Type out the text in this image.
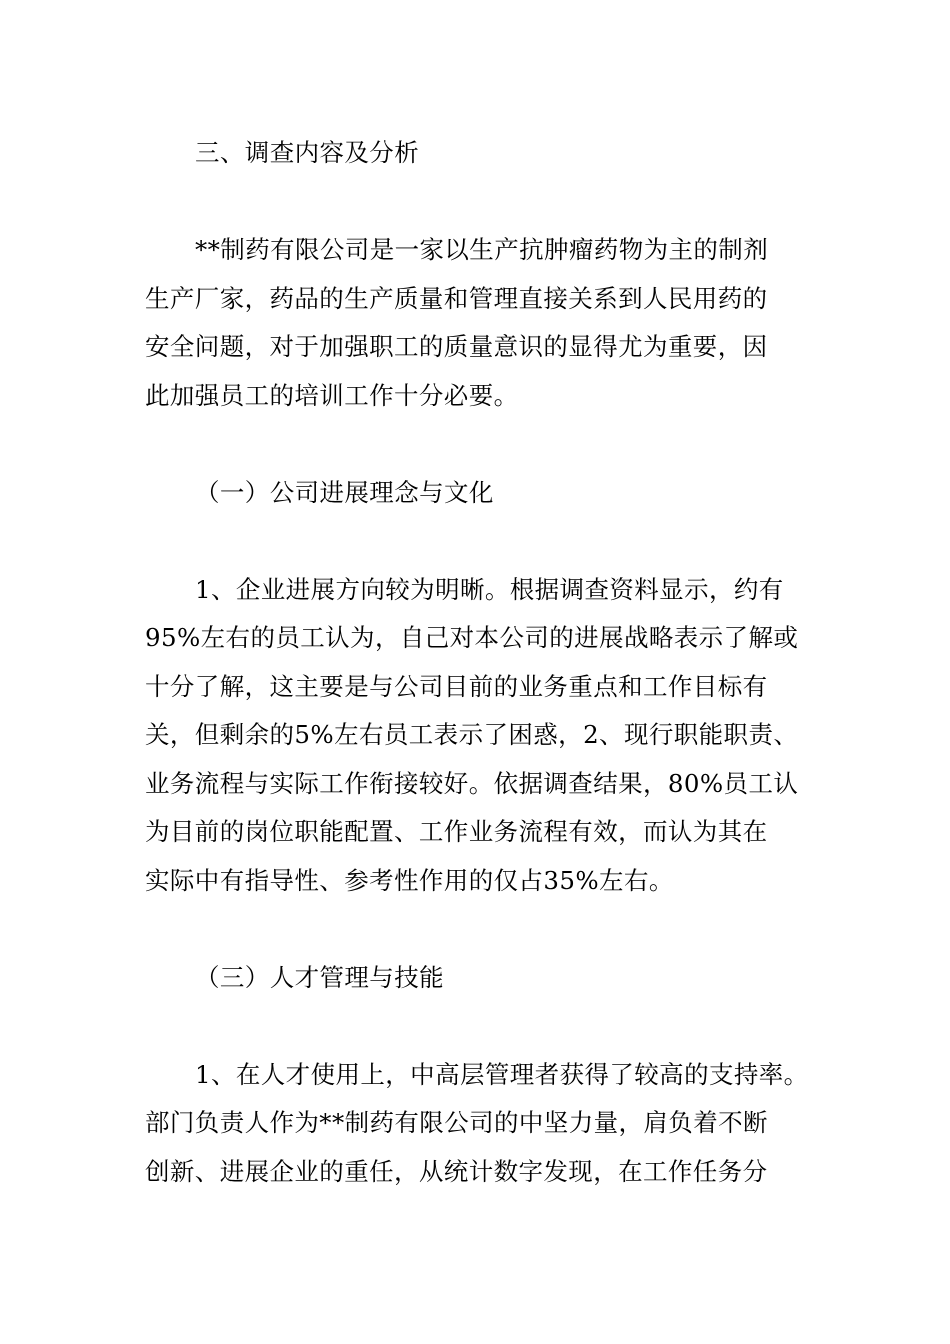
三、调查内容及分析

**制药有限公司是一家以生产抗肿瘤药物为主的制剂
生产厂家，药品的生产质量和管理直接关系到人民用药的
安全问题，对于加强职工的质量意识的显得尤为重要，因
此加强员工的培训工作十分必要。

（一）公司进展理念与文化

1、企业进展方向较为明晰。根据调查资料显示，约有
95%左右的员工认为，自己对本公司的进展战略表示了解或
十分了解，这主要是与公司目前的业务重点和工作目标有
关，但剩余的5%左右员工表示了困惑，2、现行职能职责、
业务流程与实际工作衔接较好。依据调查结果，80%员工认
为目前的岗位职能配置、工作业务流程有效，而认为其在
实际中有指导性、参考性作用的仅占35%左右。

（三）人才管理与技能

1、在人才使用上，中高层管理者获得了较高的支持率。
部门负责人作为**制药有限公司的中坚力量，肩负着不断
创新、进展企业的重任，从统计数字发现，在工作任务分
